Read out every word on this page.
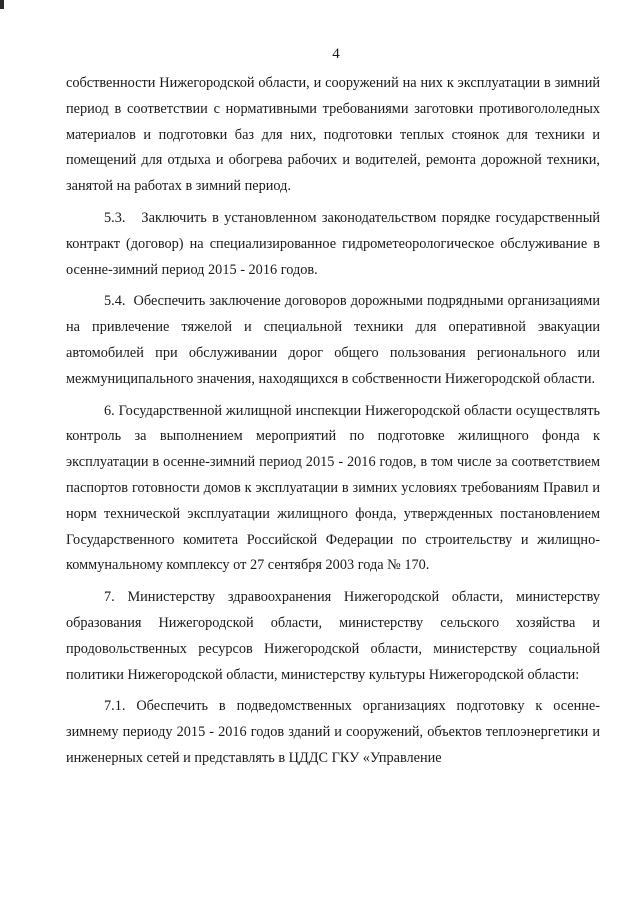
4

собственности Нижегородской области, и сооружений на них к эксплуатации в зимний период в соответствии с нормативными требованиями заготовки противогололедных материалов и подготовки баз для них, подготовки теплых стоянок для техники и помещений для отдыха и обогрева рабочих и водителей, ремонта дорожной техники, занятой на работах в зимний период.

5.3.   Заключить в установленном законодательством порядке государственный контракт (договор) на специализированное гидрометеорологическое обслуживание в осенне-зимний период 2015 - 2016 годов.

5.4.  Обеспечить заключение договоров дорожными подрядными организациями на привлечение тяжелой и специальной техники для оперативной эвакуации автомобилей при обслуживании дорог общего пользования регионального или межмуниципального значения, находящихся в собственности Нижегородской области.

6. Государственной жилищной инспекции Нижегородской области осуществлять контроль за выполнением мероприятий по подготовке жилищного фонда к эксплуатации в осенне-зимний период 2015 - 2016 годов, в том числе за соответствием паспортов готовности домов к эксплуатации в зимних условиях требованиям Правил и норм технической эксплуатации жилищного фонда, утвержденных постановлением Государственного комитета Российской Федерации по строительству и жилищно-коммунальному комплексу от 27 сентября 2003 года № 170.

7. Министерству здравоохранения Нижегородской области, министерству образования Нижегородской области, министерству сельского хозяйства и продовольственных ресурсов Нижегородской области, министерству социальной политики Нижегородской области, министерству культуры Нижегородской области:

7.1. Обеспечить в подведомственных организациях подготовку к осенне-зимнему периоду 2015 - 2016 годов зданий и сооружений, объектов теплоэнергетики и инженерных сетей и представлять в ЦДДС ГКУ «Управление
